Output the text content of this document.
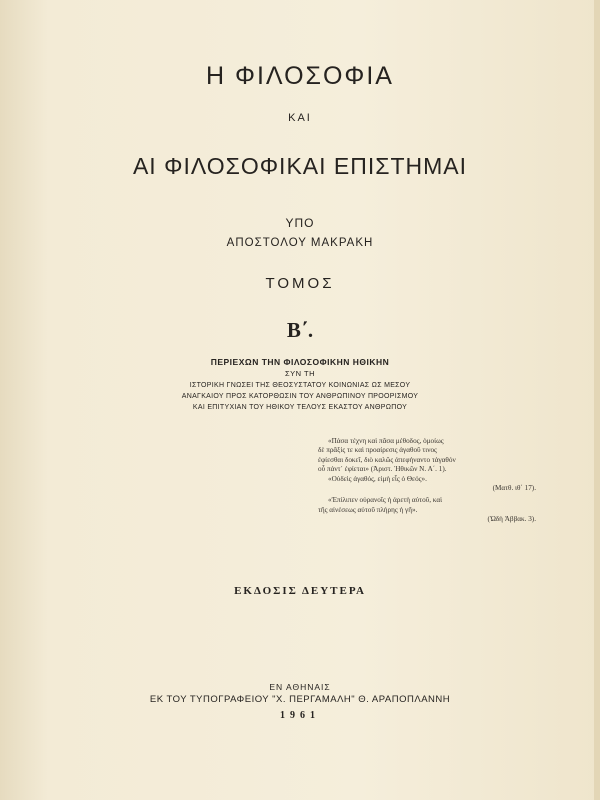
Η ΦΙΛΟΣΟΦΙΑ
ΚΑΙ
ΑΙ ΦΙΛΟΣΟΦΙΚΑΙ ΕΠΙΣΤΗΜΑΙ
ΥΠΟ
ΑΠΟΣΤΟΛΟΥ ΜΑΚΡΑΚΗ
ΤΟΜΟΣ
Β΄.
ΠΕΡΙΕΧΩΝ ΤΗΝ ΦΙΛΟΣΟΦΙΚΗΝ ΗΘΙΚΗΝ
ΣΥΝ ΤΗ
ΙΣΤΟΡΙΚΗ ΓΝΩΣΕΙ ΤΗΣ ΘΕΟΣΥΣΤΑΤΟΥ ΚΟΙΝΩΝΙΑΣ ΩΣ ΜΕΣΟΥ
ΑΝΑΓΚΑΙΟΥ ΠΡΟΣ ΚΑΤΟΡΘΩΣΙΝ ΤΟΥ ΑΝΘΡΩΠΙΝΟΥ ΠΡΟΟΡΙΣΜΟΥ
ΚΑΙ ΕΠΙΤΥΧΙΑΝ ΤΟΥ ΗΘΙΚΟΥ ΤΕΛΟΥΣ ΕΚΑΣΤΟΥ ΑΝΘΡΩΠΟΥ
«Πάσα τέχνη καὶ πᾶσα μέθοδος, ὁμοίως
δὲ πρᾶξίς τε καὶ προαίρεσις ἀγαθοῦ τινος
ἐφίεσθαι δοκεῖ, διὸ καλῶς ἀπεφήναντο τἀγαθόν
οὗ πάντ᾽ ἐφίεται» (Ἀριστ. Ἠθικῶν Ν. Α΄. 1).
«Οὐδεὶς ἀγαθός, εἰμὴ εἷς ὁ Θεός».
(Ματθ. ιθ΄ 17).
«Ἐπίλιπεν οὐρανοῖς ἡ ἀρετὴ αὐτοῦ, καὶ
τῆς αἰνέσεως αὐτοῦ πλήρης ἡ γῆ».
(Ὠδὴ Ἀββακ. 3).
ΕΚΔΟΣΙΣ ΔΕΥΤΕΡΑ
ΕΝ ΑΘΗΝΑΙΣ
ΕΚ ΤΟΥ ΤΥΠΟΓΡΑΦΕΙΟΥ "Χ. ΠΕΡΓΑΜΑΛΗ" Θ. ΑΡΑΠΟΠΛΑΝΝΗ
1961
